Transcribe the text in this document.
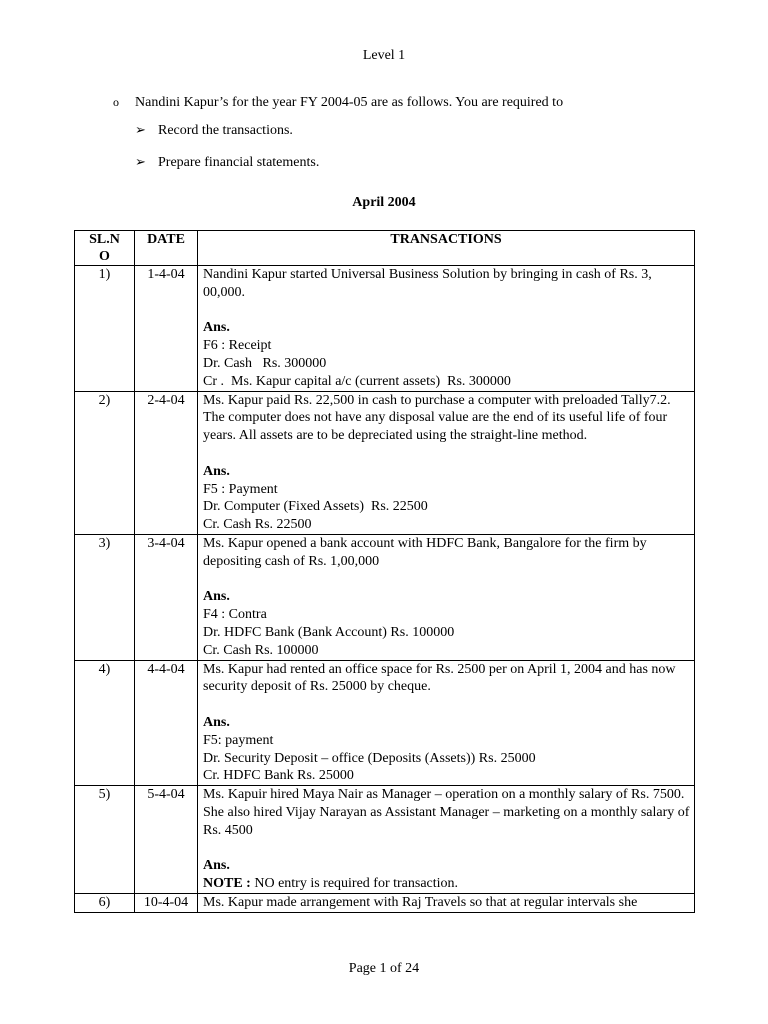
Level 1
o Nandini Kapur’s for the year FY 2004-05 are as follows. You are required to
➢ Record the transactions.
➢ Prepare financial statements.
April 2004
SL.N
O	DATE	TRANSACTIONS
1)	1-4-04	Nandini Kapur started Universal Business Solution by bringing in cash of Rs. 3, 00,000.

Ans.

F6 : Receipt

Dr. Cash   Rs. 300000

Cr .  Ms. Kapur capital a/c (current assets)  Rs. 300000

2)	2-4-04	Ms. Kapur paid Rs. 22,500 in cash to purchase a computer with preloaded Tally7.2. The computer does not have any disposal value are the end of its useful life of four years. All assets are to be depreciated using the straight-line method.

Ans.

F5 : Payment

Dr. Computer (Fixed Assets)  Rs. 22500

Cr. Cash Rs. 22500

3)	3-4-04	Ms. Kapur opened a bank account with HDFC Bank, Bangalore for the firm by depositing cash of Rs. 1,00,000

Ans.

F4 : Contra

Dr. HDFC Bank (Bank Account) Rs. 100000

Cr. Cash Rs. 100000

4)	4-4-04	Ms. Kapur had rented an office space for Rs. 2500 per on April 1, 2004 and has now security deposit of Rs. 25000 by cheque.

Ans.

F5: payment

Dr. Security Deposit – office (Deposits (Assets)) Rs. 25000

Cr. HDFC Bank Rs. 25000

5)	5-4-04	Ms. Kapuir hired Maya Nair as Manager – operation on a monthly salary of Rs. 7500. She also hired Vijay Narayan as Assistant Manager – marketing on a monthly salary of Rs. 4500

Ans.

NOTE : NO entry is required for transaction.

6)	10-4-04	Ms. Kapur made arrangement with Raj Travels so that at regular intervals she

Page 1 of 24
